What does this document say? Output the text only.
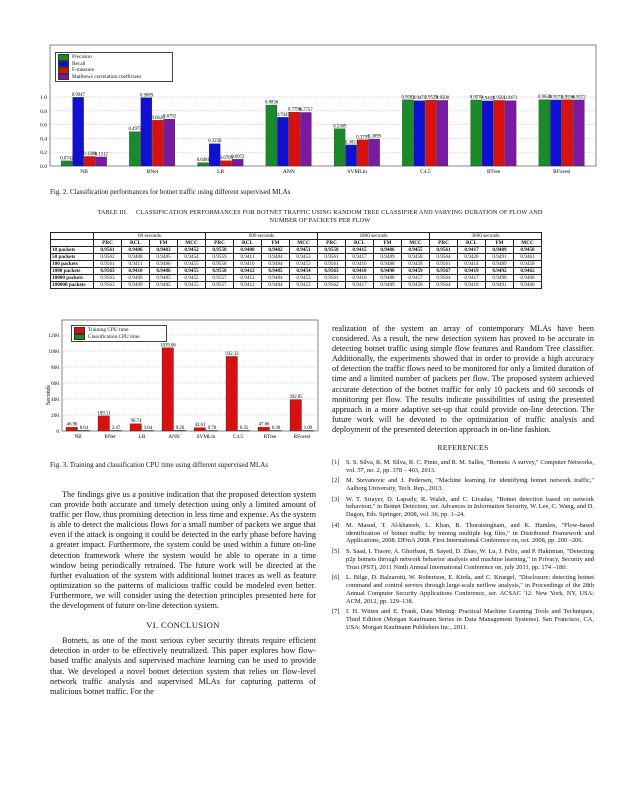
0.0742
0.9947
0.1380
0.1312
0.4975
0.9889
0.6620
0.6792
0.0481
0.3230
0.0769
0.0972
0.8836
0.7047
0.7796
0.7757
0.5389
0.3053
0.3795
0.3899
0.9582
0.9471
0.9529
0.9500	0.9570
0.9432
0.9501
0.9471	0.9620
0.9573
0.9596
0.9572
0.0
0.2
0.4
0.6
0.8
1.0
NB	BNet	LR	ANN	SVMLin	C4.5	RTree	RForest
Precision
Recall
F-measure
Matthews correlation coefficient
Fig. 2. Classification performances for botnet traffic using different supervised MLAs
TABLE III. CLASSIFICATION PERFORMANCES FOR BOTNET TRAFFIC USING RANDOM TREE CLASSIFIER AND VARYING DURATION OF FLOW AND
NUMBER OF PACKETS PER FLOW
	60 seconds				600 seconds				1800 seconds				3600 seconds			
	PRC	RCL	FM	MCC	PRC	RCL	FM	MCC	PRC	RCL	FM	MCC	PRC	RCL	FM	MCC
10 packets	0.9561	0.9406	0.9483	0.9452	0.9558	0.9408	0.9482	0.9451	0.9558	0.9415	0.9486	0.9455	0.9561	0.9417	0.9489	0.9458
50 packets	0.9562	0.9408	0.9485	0.9454	0.9559	0.9411	0.9484	0.9453	0.9561	0.9417	0.9489	0.9458	0.9564	0.9420	0.9491	0.9461
100 packets	0.9561	0.9411	0.9486	0.9455	0.9558	0.9410	0.9484	0.9453	0.9561	0.9416	0.9488	0.9458	0.9561	0.9414	0.9489	0.9458
1000 packets	0.9563	0.9410	0.9486	0.9455	0.9558	0.9412	0.9485	0.9454	0.9563	0.9418	0.9490	0.9459	0.9567	0.9419	0.9492	0.9462
10000 packets	0.9563	0.9409	0.9485	0.9455	0.9557	0.9412	0.9484	0.9453	0.9561	0.9416	0.9488	0.9457	0.9564	0.9417	0.9490	0.9460
100000 packets	0.9563	0.9409	0.9485	0.9455	0.9557	0.9412	0.9484	0.9453	0.9562	0.9417	0.9489	0.9458	0.9564	0.9418	0.9491	0.9460
46.98
8.64
189.11
3.47
90.74
3.64
1039.86
9.26
42.61
0.78
932.33
0.35
47.86
0.30
392.85
1.09
0
200
400
600
800
1000
1200
NB	BNet	LR	ANN	SVMLin	C4.5	RTree	RForest
Seconds
Training CPU time
Classification CPU time
Fig. 3. Training and classification CPU time using different supervised MLAs

The findings give us a positive indication that the proposed detection system can provide both accurate and timely detection using only a limited amount of traffic per flow, thus promising detection in less time and expense. As the system is able to detect the malicious flows for a small number of packets we argue that even if the attack is ongoing it could be detected in the early phase before having a greater impact. Furthermore, the system could be used within a future on-line detection framework where the system would be able to operate in a time window being periodically retrained. The future work will be directed at the further evaluation of the system with additional botnet traces as well as feature optimization so the patterns of malicious traffic could be modeled even better. Furthermore, we will consider using the detection principles presented here for the development of future on-line detection system.

VI. CONCLUSION

Botnets, as one of the most serious cyber security threats require efficient detection in order to be effectively neutralized. This paper explores how flow-based traffic analysis and supervised machine learning can be used to provide that. We developed a novel botnet detection system that relies on flow-level network traffic analysis and supervised MLAs for capturing patterns of malicious botnet traffic. For the

realization of the system an array of contemporary MLAs have been considered. As a result, the new detection system has proved to be accurate in detecting botnet traffic using simple flow features and Random Tree classifier. Additionally, the experiments showed that in order to provide a high accuracy of detection the traffic flows need to be monitored for only a limited duration of time and a limited number of packets per flow. The proposed system achieved accurate detection of the botnet traffic for only 10 packets and 60 seconds of monitoring per flow. The results indicate possibilities of using the presented approach in a more adaptive set-up that could provide on-line detection. The future work will be devoted to the optimization of traffic analysis and deployment of the presented detection approach in on-line fashion.

REFERENCES
[1]	S. S. Silva, R. M. Silva, R. C. Pinto, and R. M. Salles, "Botnets: A survey," Computer Networks, vol. 57, no. 2, pp. 378 – 403, 2013.
[2]	M. Stevanovic and J. Pedersen, "Machine learning for identifying botnet network traffic," Aalborg University, Tech. Rep., 2013.
[3]	W. T. Strayer, D. Lapsely, R. Walsh, and C. Livadas, "Botnet detection based on network behaviour," in Botnet Detection, ser. Advances in Information Security, W. Lee, C. Wang, and D. Dagon, Eds. Springer, 2008, vol. 36, pp. 1–24.
[4]	M. Masud, T. Al-khateeb, L. Khan, B. Thuraisingham, and K. Hamlen, "Flow-based identification of botnet traffic by mining multiple log files," in Distributed Framework and Applications, 2008. DFmA 2008. First International Conference on, oct. 2008, pp. 200 –206.
[5]	S. Saad, I. Traore, A. Ghorbani, B. Sayed, D. Zhao, W. Lu, J. Felix, and P. Hakimian, "Detecting p2p botnets through network behavior analysis and machine learning," in Privacy, Security and Trust (PST), 2011 Ninth Annual International Conference on, july 2011, pp. 174 –180.
[6]	L. Bilge, D. Balzarotti, W. Robertson, E. Kirda, and C. Kruegel, "Disclosure: detecting botnet command and control servers through large-scale netflow analysis," in Proceedings of the 28th Annual Computer Security Applications Conference, ser. ACSAC '12. New York, NY, USA: ACM, 2012, pp. 129–138.
[7]	I. H. Witten and E. Frank, Data Mining: Practical Machine Learning Tools and Techniques, Third Edition (Morgan Kaufmann Series in Data Management Systems). San Francisco, CA, USA: Morgan Kaufmann Publishers Inc., 2011.
